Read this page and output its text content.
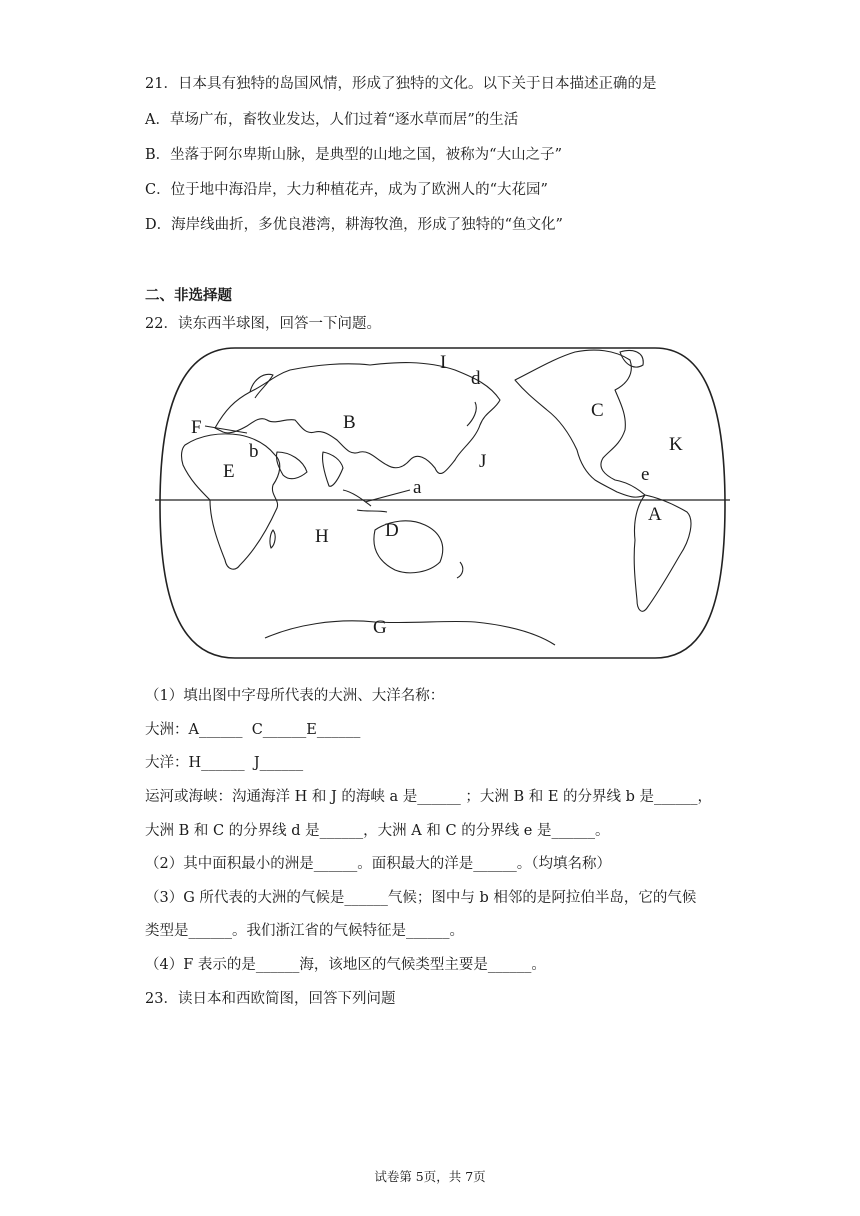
21．日本具有独特的岛国风情，形成了独特的文化。以下关于日本描述正确的是
A．草场广布，畜牧业发达，人们过着“逐水草而居”的生活
B．坐落于阿尔卑斯山脉，是典型的山地之国，被称为“大山之子”
C．位于地中海沿岸，大力种植花卉，成为了欧洲人的“大花园”
D．海岸线曲折，多优良港湾，耕海牧渔，形成了独特的“鱼文化”
二、非选择题
22．读东西半球图，回答一下问题。
I
d
C
B
F
K
b	J
e
E
a
A
D
H
G
（1）填出图中字母所代表的大洲、大洋名称：
大洲：A______  C______E______
大洋：H______  J______
运河或海峡：沟通海洋 H 和 J 的海峡 a 是______ ；大洲 B 和 E 的分界线 b 是______，
大洲 B 和 C 的分界线 d 是______，大洲 A 和 C 的分界线 e 是______。
（2）其中面积最小的洲是______。面积最大的洋是______。（均填名称）
（3）G 所代表的大洲的气候是______气候；图中与 b 相邻的是阿拉伯半岛，它的气候
类型是______。我们浙江省的气候特征是______。
（4）F 表示的是______海，该地区的气候类型主要是______。
23．读日本和西欧简图，回答下列问题
试卷第 5页，共 7页
